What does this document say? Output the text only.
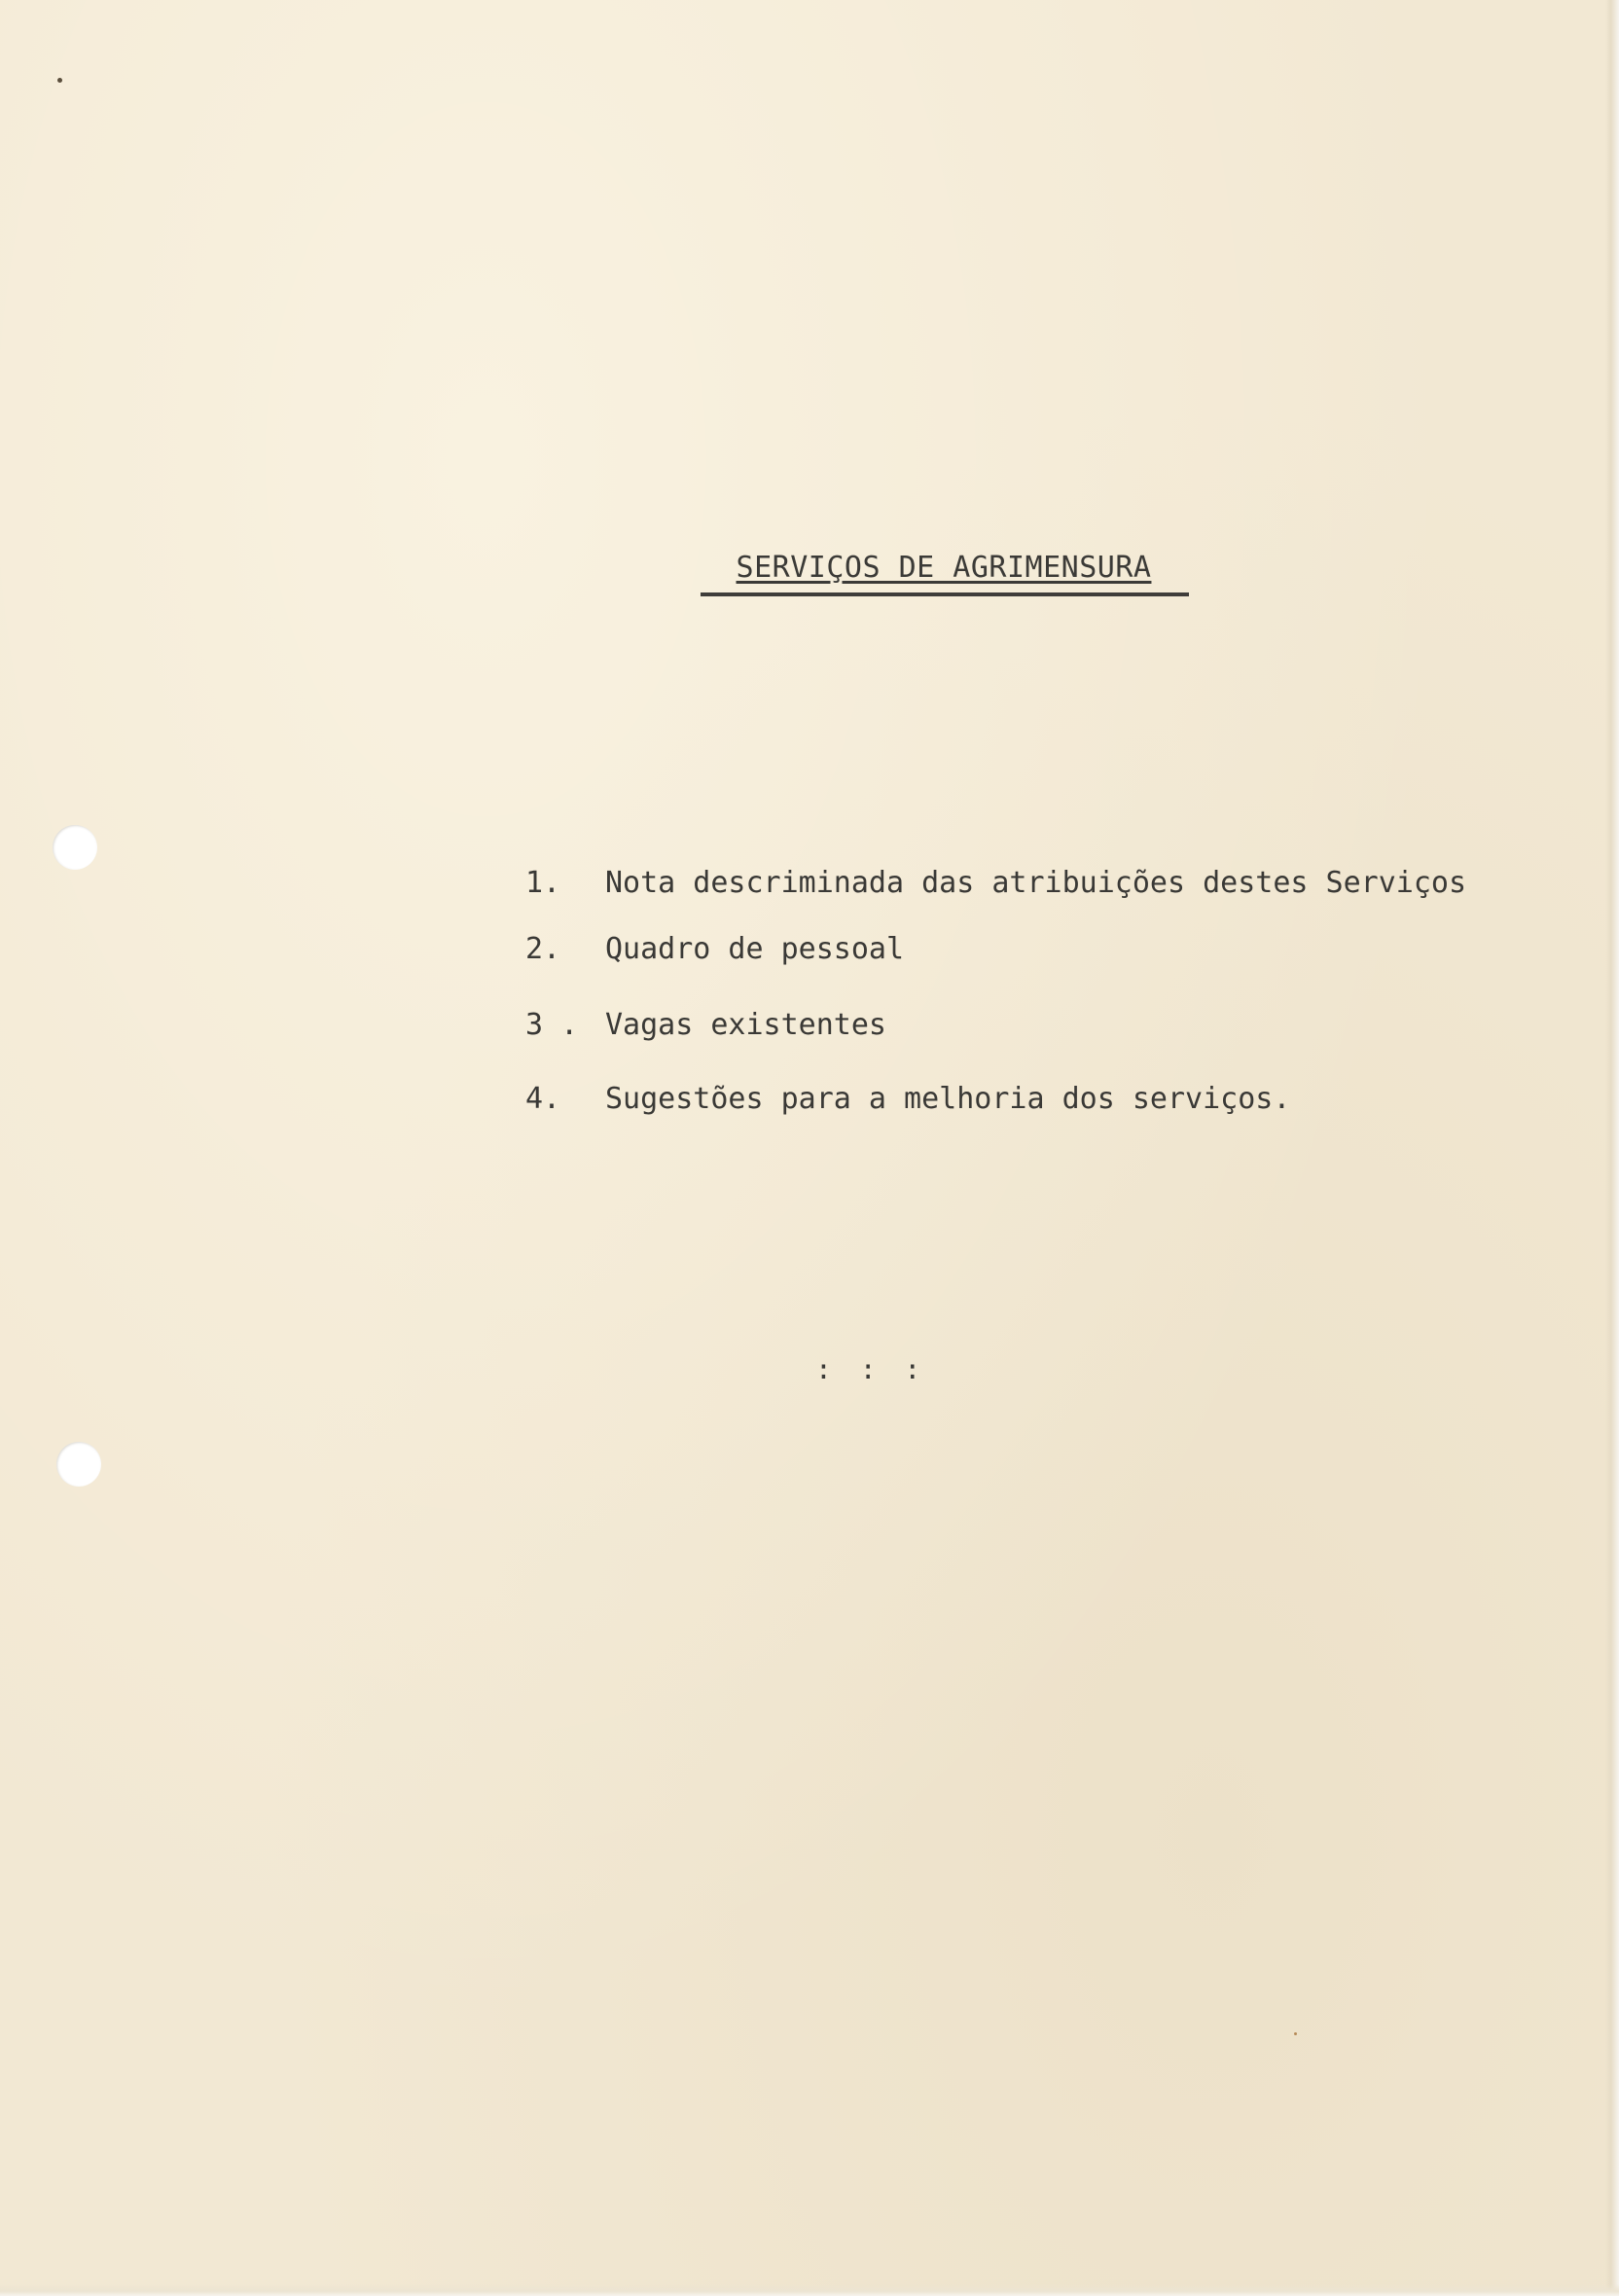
SERVIÇOS DE AGRIMENSURA
1.	Nota descriminada das atribuições destes Serviços
2.	Quadro de pessoal
3 . Vagas existentes
4.	Sugestões para a melhoria dos serviços.
: : :
